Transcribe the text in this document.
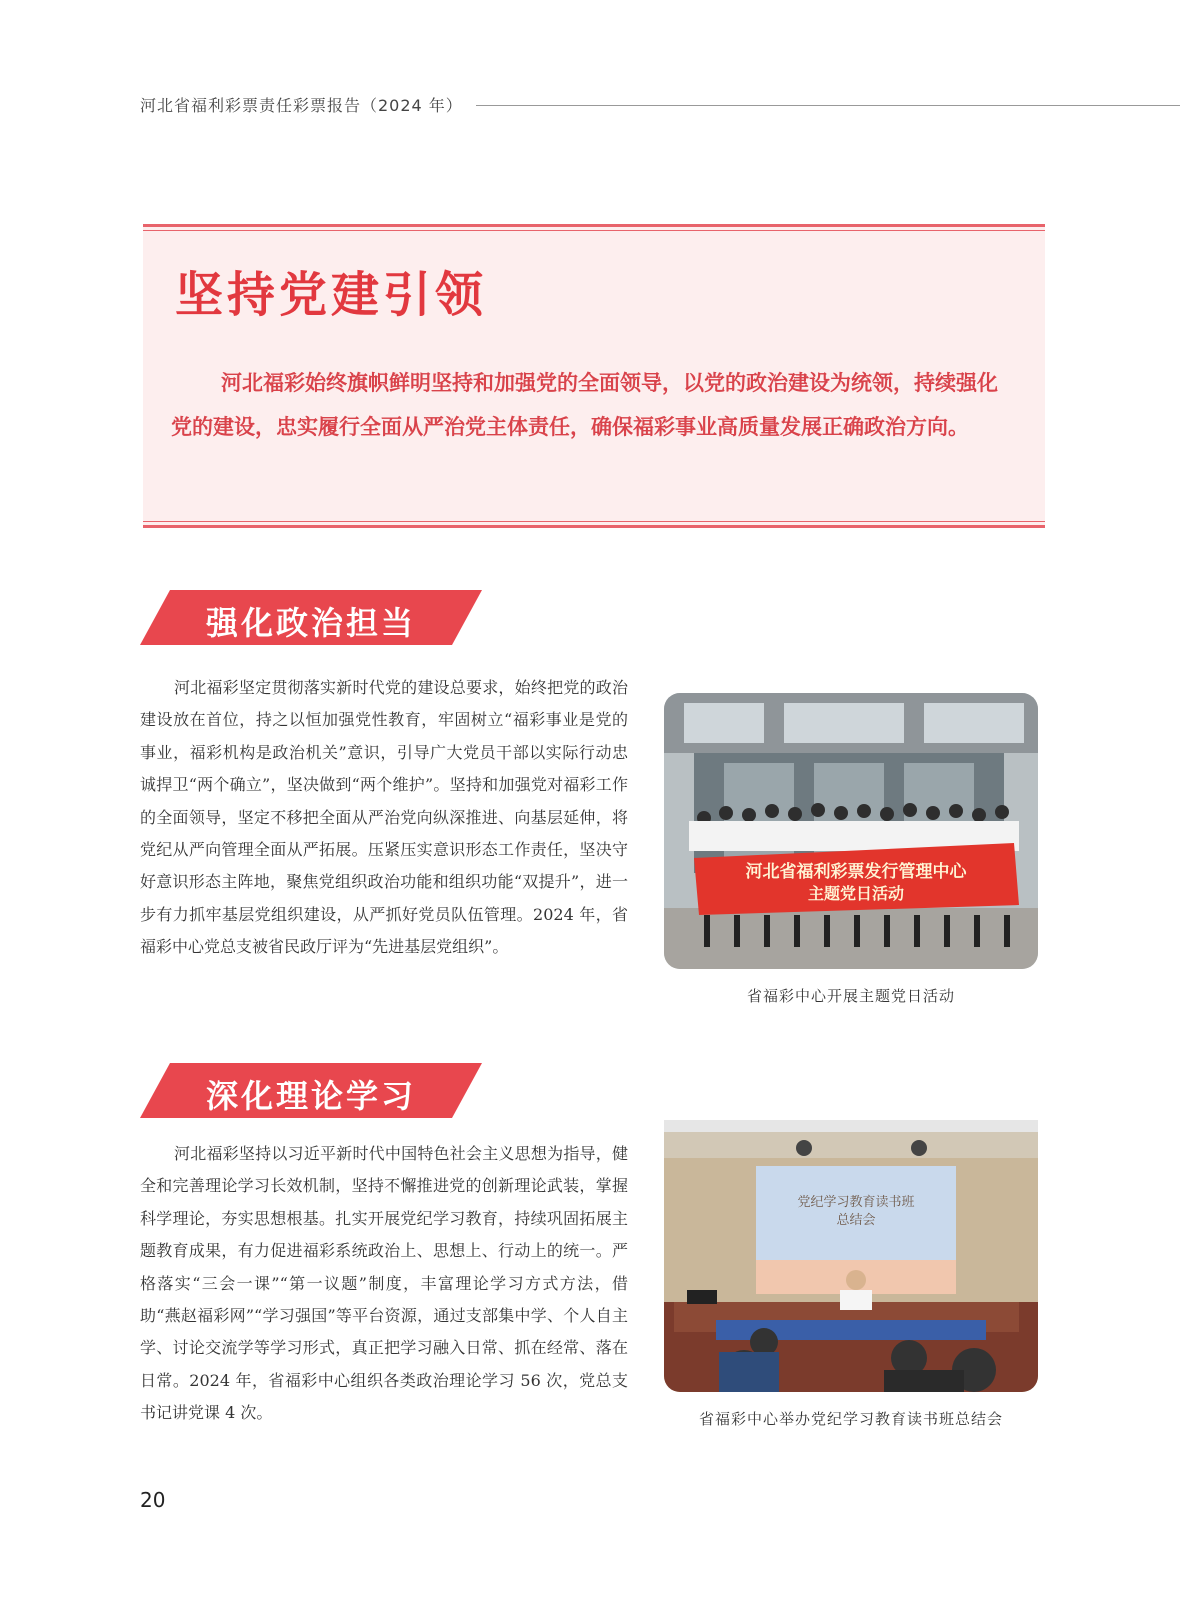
河北省福利彩票责任彩票报告（2024 年）
坚持党建引领

河北福彩始终旗帜鲜明坚持和加强党的全面领导，以党的政治建设为统领，持续强化党的建设，忠实履行全面从严治党主体责任，确保福彩事业高质量发展正确政治方向。

强化政治担当

河北福彩坚定贯彻落实新时代党的建设总要求，始终把党的政治建设放在首位，持之以恒加强党性教育，牢固树立“福彩事业是党的事业，福彩机构是政治机关”意识，引导广大党员干部以实际行动忠诚捍卫“两个确立”，坚决做到“两个维护”。坚持和加强党对福彩工作的全面领导，坚定不移把全面从严治党向纵深推进、向基层延伸，将党纪从严向管理全面从严拓展。压紧压实意识形态工作责任，坚决守好意识形态主阵地，聚焦党组织政治功能和组织功能“双提升”，进一步有力抓牢基层党组织建设，从严抓好党员队伍管理。2024 年，省福彩中心党总支被省民政厅评为“先进基层党组织”。

河北省福利彩票发行管理中心
主题党日活动
省福彩中心开展主题党日活动
深化理论学习

河北福彩坚持以习近平新时代中国特色社会主义思想为指导，健全和完善理论学习长效机制，坚持不懈推进党的创新理论武装，掌握科学理论，夯实思想根基。扎实开展党纪学习教育，持续巩固拓展主题教育成果，有力促进福彩系统政治上、思想上、行动上的统一。严格落实“三会一课”“第一议题”制度，丰富理论学习方式方法，借助“燕赵福彩网”“学习强国”等平台资源，通过支部集中学、个人自主学、讨论交流学等学习形式，真正把学习融入日常、抓在经常、落在日常。2024 年，省福彩中心组织各类政治理论学习 56 次，党总支书记讲党课 4 次。

党纪学习教育读书班
总结会
省福彩中心举办党纪学习教育读书班总结会
20
